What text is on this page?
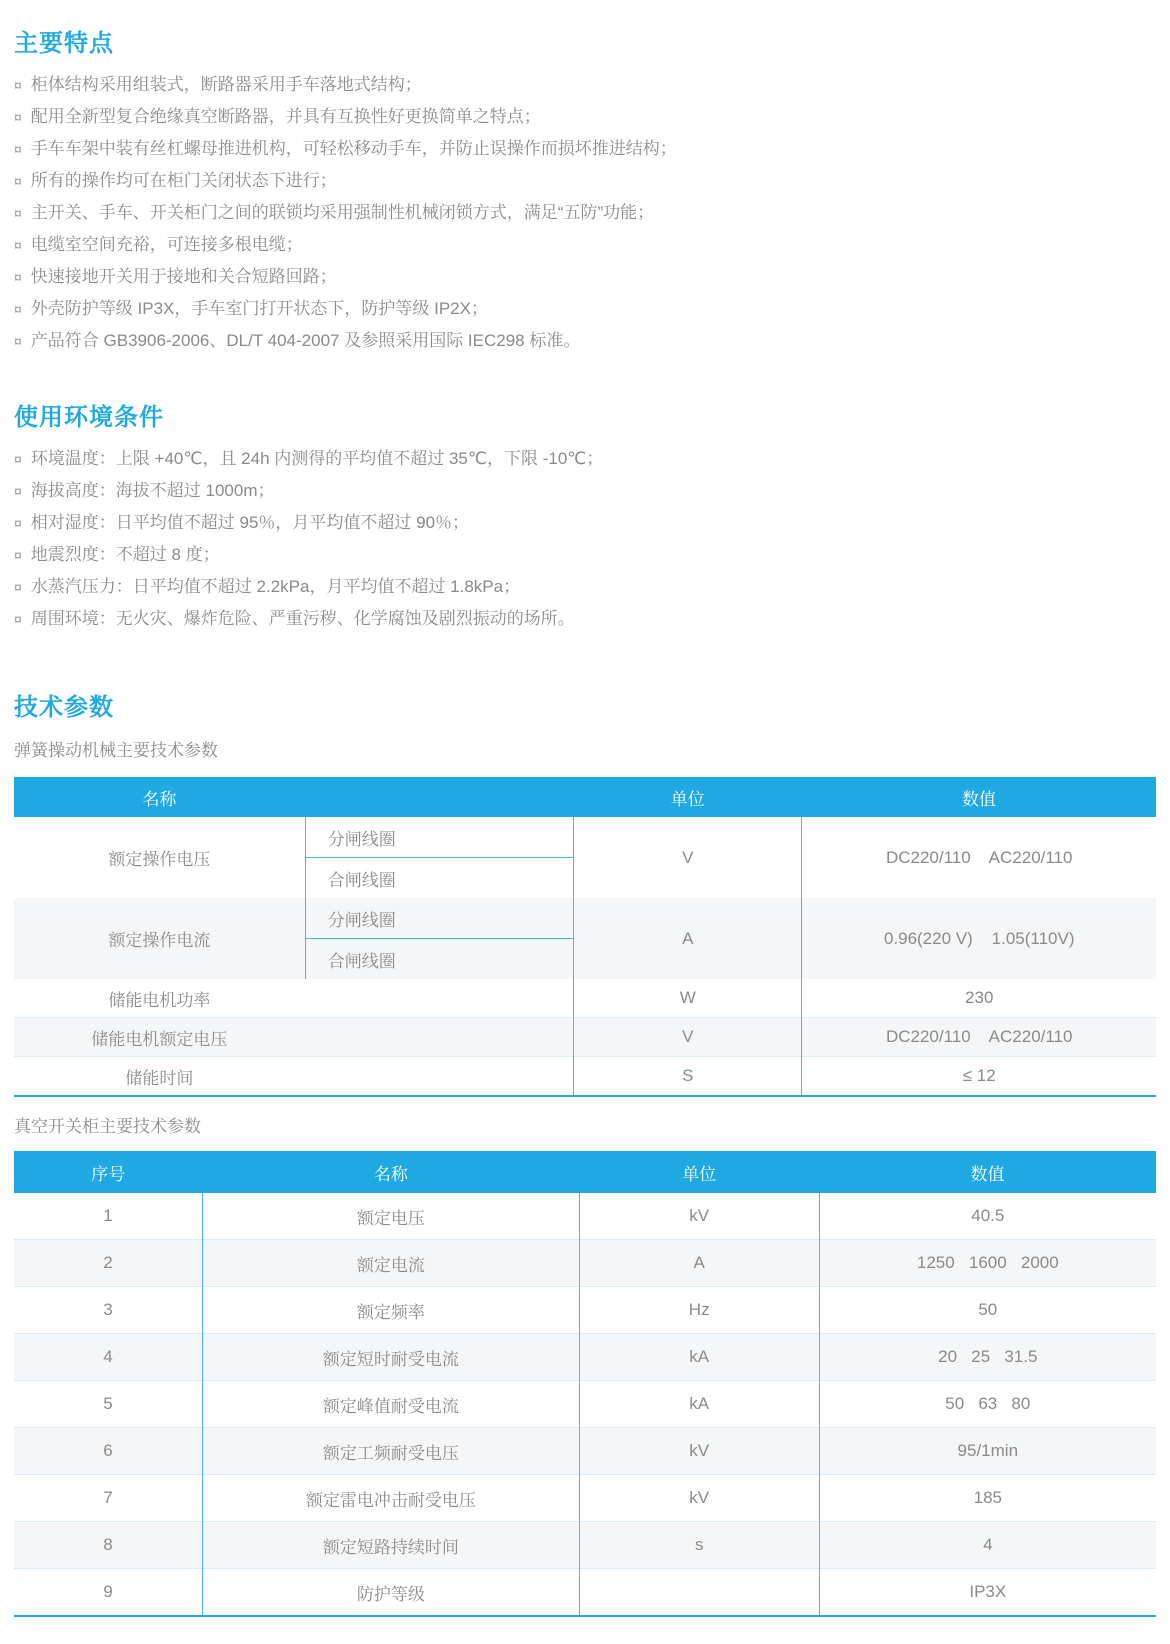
主要特点
¤ 柜体结构采用组装式，断路器采用手车落地式结构；
¤ 配用全新型复合绝缘真空断路器，并具有互换性好更换简单之特点；
¤ 手车车架中装有丝杠螺母推进机构，可轻松移动手车，并防止误操作而损坏推进结构；
¤ 所有的操作均可在柜门关闭状态下进行；
¤ 主开关、手车、开关柜门之间的联锁均采用强制性机械闭锁方式，满足“五防”功能；
¤ 电缆室空间充裕，可连接多根电缆；
¤ 快速接地开关用于接地和关合短路回路；
¤ 外壳防护等级 IP3X，手车室门打开状态下，防护等级 IP2X；
¤ 产品符合 GB3906-2006、DL/T 404-2007 及参照采用国际 IEC298 标准。
使用环境条件
¤ 环境温度：上限 +40℃，且 24h 内测得的平均值不超过 35℃，下限 -10℃；
¤ 海拔高度：海拔不超过 1000m；
¤ 相对湿度：日平均值不超过 95％，月平均值不超过 90％；
¤ 地震烈度：不超过 8 度；
¤ 水蒸汽压力：日平均值不超过 2.2kPa，月平均值不超过 1.8kPa；
¤ 周围环境：无火灾、爆炸危险、严重污秽、化学腐蚀及剧烈振动的场所。
技术参数

弹簧操动机械主要技术参数

名称		单位	数值
额定操作电压	分闸线圈	V	DC220/110    AC220/110
	合闸线圈		
额定操作电流	分闸线圈	A	0.96(220 V)    1.05(110V)
	合闸线圈		

储能电机功率		W	230

储能电机额定电压		V	DC220/110    AC220/110

储能时间		S	≤ 12

真空开关柜主要技术参数

序号	名称	单位	数值
1	额定电压	kV	40.5
2	额定电流	A	1250   1600   2000
3	额定频率	Hz	50
4	额定短时耐受电流	kA	20   25   31.5
5	额定峰值耐受电流	kA	50   63   80
6	额定工频耐受电压	kV	95/1min
7	额定雷电冲击耐受电压	kV	185
8	额定短路持续时间	s	4
9	防护等级		IP3X
